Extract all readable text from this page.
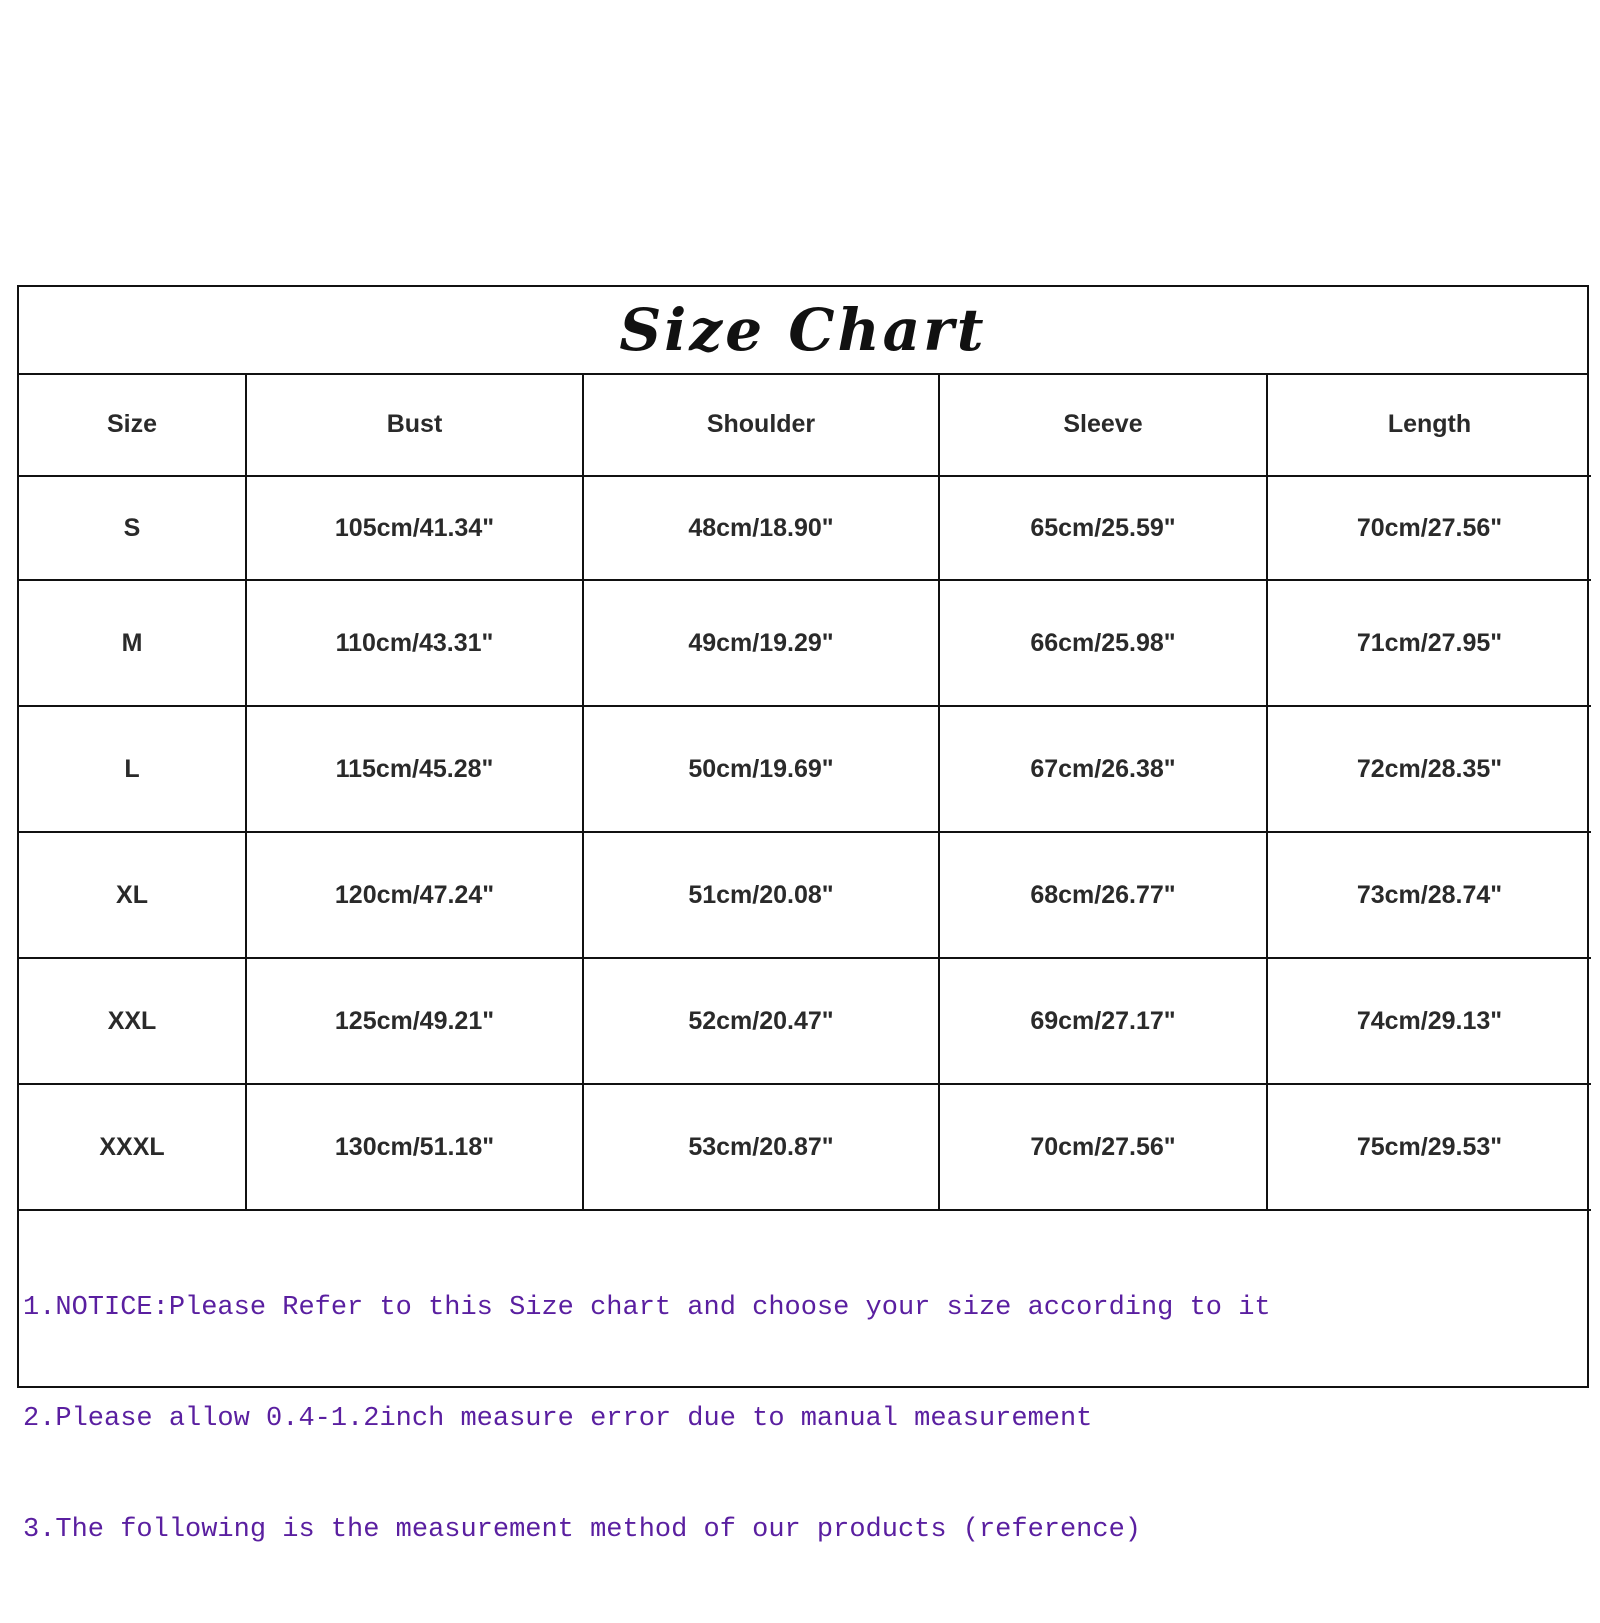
Size Chart
Size	Bust	Shoulder	Sleeve	Length
S	105cm/41.34"	48cm/18.90"	65cm/25.59"	70cm/27.56"
M	110cm/43.31"	49cm/19.29"	66cm/25.98"	71cm/27.95"
L	115cm/45.28"	50cm/19.69"	67cm/26.38"	72cm/28.35"
XL	120cm/47.24"	51cm/20.08"	68cm/26.77"	73cm/28.74"
XXL	125cm/49.21"	52cm/20.47"	69cm/27.17"	74cm/29.13"
XXXL	130cm/51.18"	53cm/20.87"	70cm/27.56"	75cm/29.53"

1.NOTICE:Please Refer to this Size chart and choose your size according to it

2.Please allow 0.4-1.2inch measure error due to manual measurement

3.The following is the measurement method of our products (reference)
